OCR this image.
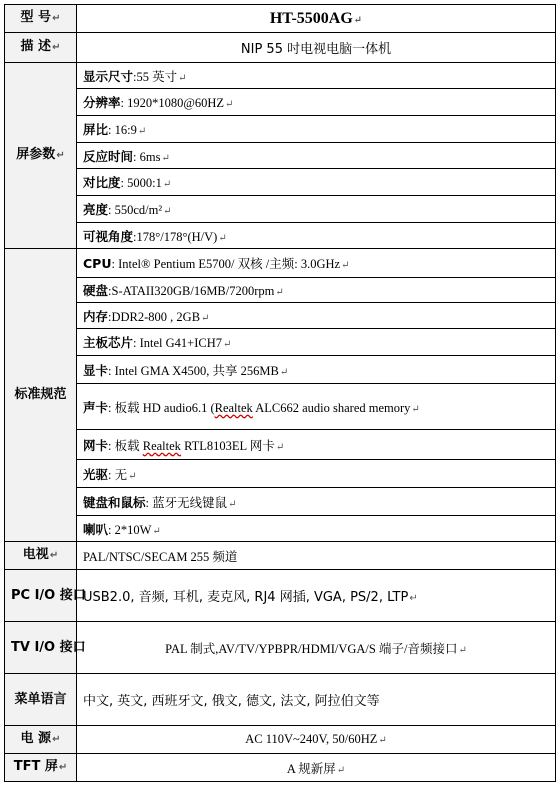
型 号↵	HT-5500AG↵
描 述↵	NIP 55 吋电视电脑一体机
屏参数↵	显示尺寸:55 英寸↵
	分辨率: 1920*1080@60HZ↵
	屏比: 16:9↵
	反应时间: 6ms↵
	对比度: 5000:1↵
	亮度: 550cd/m²↵
	可视角度:178°/178°(H/V)↵
标准规范	CPU: Intel® Pentium E5700/ 双核 /主频: 3.0GHz↵
	硬盘:S-ATAII320GB/16MB/7200rpm↵
	内存:DDR2-800 , 2GB↵
	主板芯片: Intel G41+ICH7↵
	显卡: Intel GMA X4500, 共享 256MB↵
	声卡: 板载 HD audio6.1 (Realtek ALC662 audio shared memory↵
	网卡: 板载 Realtek RTL8103EL 网卡↵
	光驱: 无↵
	键盘和鼠标: 蓝牙无线键鼠↵
	喇叭: 2*10W↵
电视↵	PAL/NTSC/SECAM 255 频道
PC I/O 接口	USB2.0, 音频, 耳机, 麦克风, RJ4 网插, VGA, PS/2, LTP↵
TV I/O 接口	PAL 制式,AV/TV/YPBPR/HDMI/VGA/S 端子/音频接口↵
菜单语言	中文, 英文, 西班牙文, 俄文, 德文, 法文, 阿拉伯文等
电 源↵	AC 110V~240V, 50/60HZ↵
TFT 屏↵	A 规新屏↵
